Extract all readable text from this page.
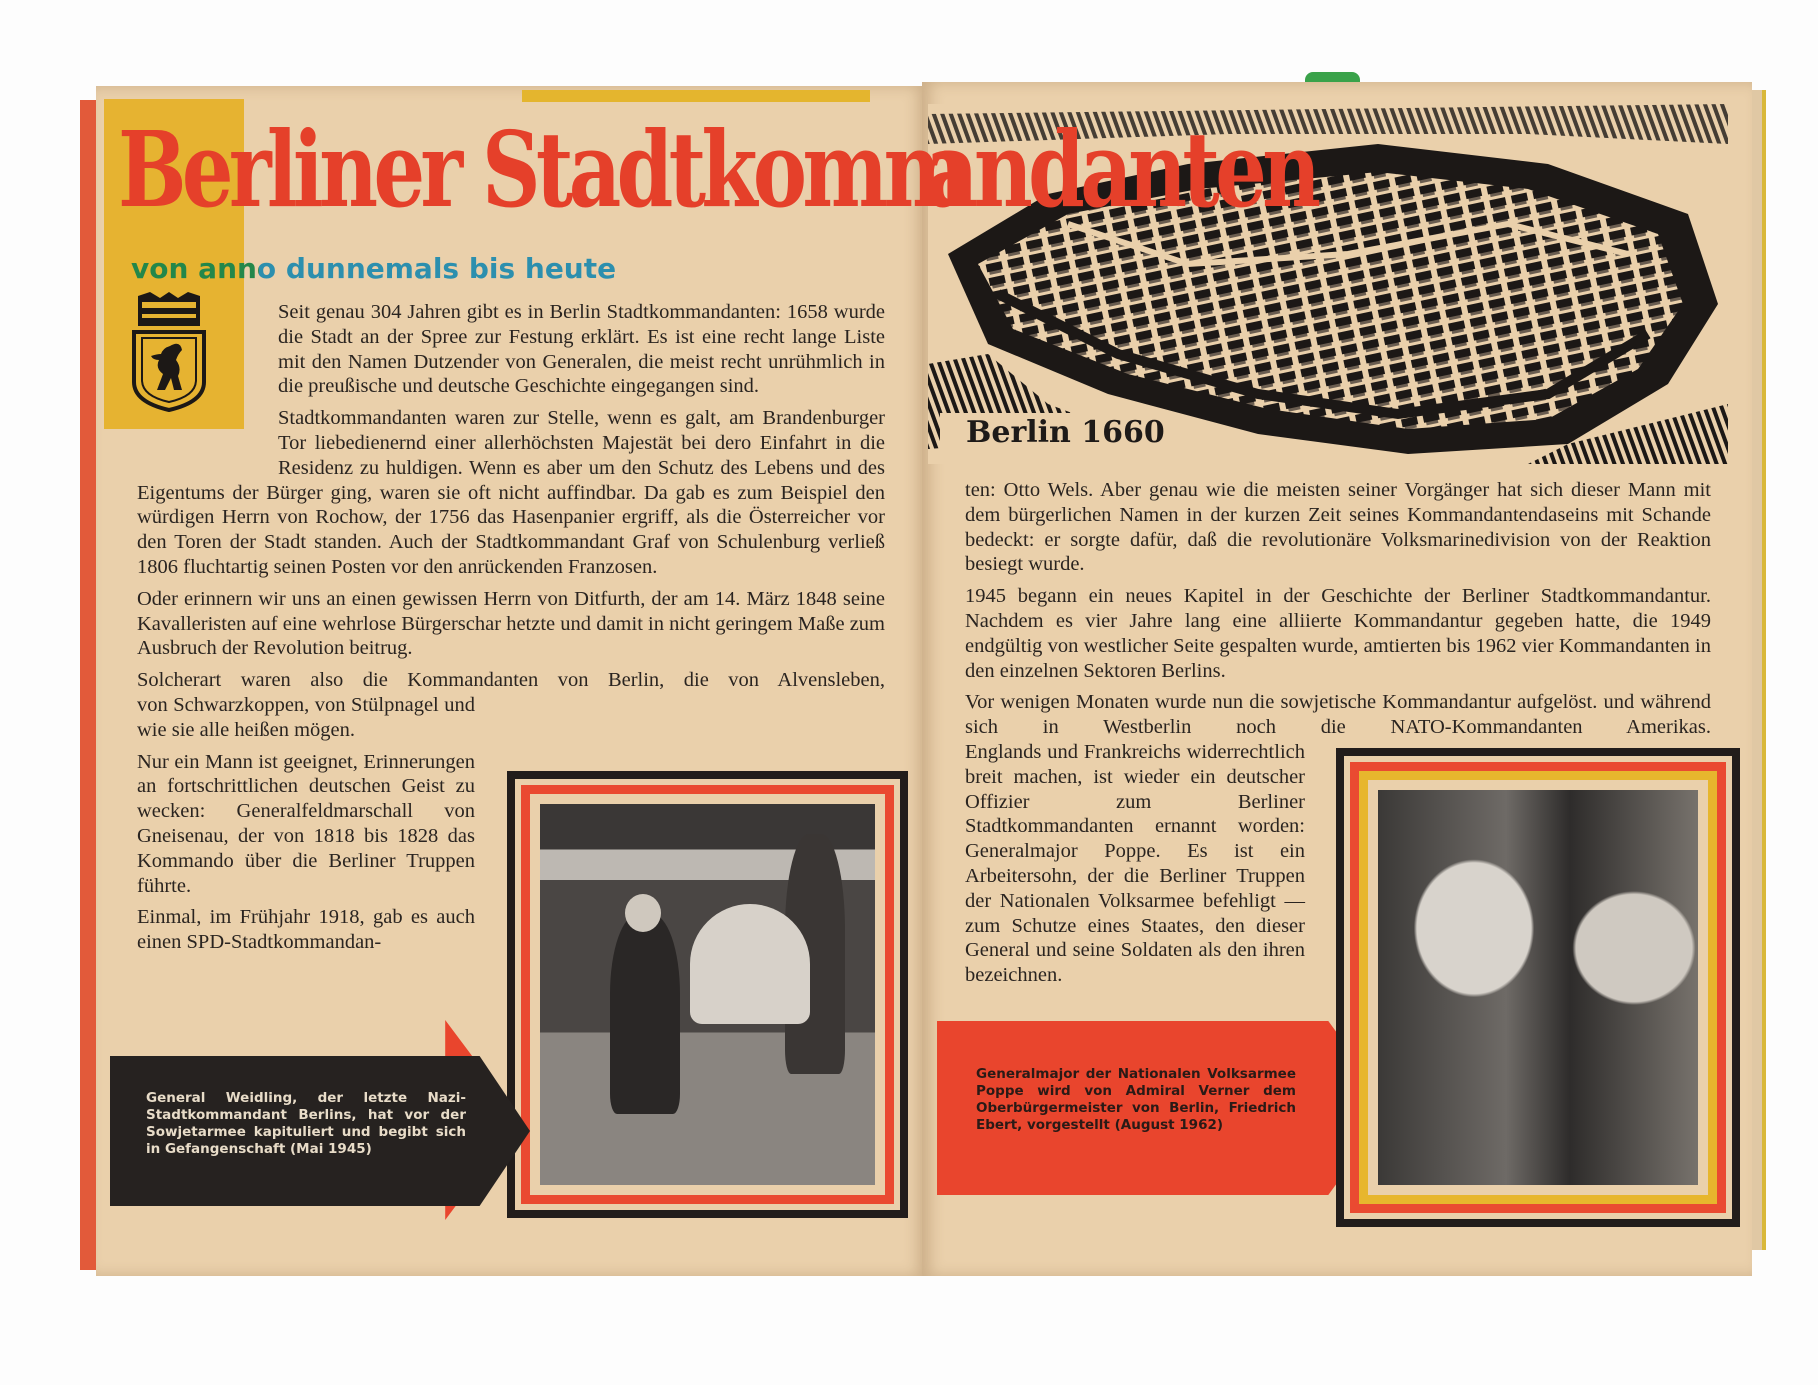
Berliner Stadtkomm
andanten
von anno dunnemals bis heute

Seit genau 304 Jahren gibt es in Berlin Stadtkommandanten: 1658 wurde die Stadt an der Spree zur Festung erklärt. Es ist eine recht lange Liste mit den Namen Dutzender von Generalen, die meist recht unrühmlich in die preußische und deutsche Geschichte eingegangen sind.

Stadtkommandanten waren zur Stelle, wenn es galt, am Brandenburger Tor liebedienernd einer allerhöchsten Majestät bei dero Einfahrt in die Residenz zu huldigen. Wenn es aber um den Schutz des Lebens und des Eigentums der Bürger ging, waren sie oft nicht auffindbar. Da gab es zum Beispiel den würdigen Herrn von Rochow, der 1756 das Hasenpanier ergriff, als die Österreicher vor den Toren der Stadt standen. Auch der Stadtkommandant Graf von Schulenburg verließ 1806 fluchtartig seinen Posten vor den anrückenden Franzosen.

Oder erinnern wir uns an einen gewissen Herrn von Ditfurth, der am 14. März 1848 seine Kavalleristen auf eine wehrlose Bürgerschar hetzte und damit in nicht geringem Maße zum Ausbruch der Revolution beitrug.

Solcherart waren also die Kommandanten von Berlin, die von Alvensleben,

von Schwarzkoppen, von Stülpnagel und wie sie alle heißen mögen.

Nur ein Mann ist geeignet, Erinnerungen an fortschrittlichen deutschen Geist zu wecken: Generalfeldmarschall von Gneisenau, der von 1818 bis 1828 das Kommando über die Berliner Truppen führte.

Einmal, im Frühjahr 1918, gab es auch einen SPD-Stadtkommandan-

General Weidling, der letzte Nazi-Stadtkommandant Berlins, hat vor der Sowjetarmee kapituliert und begibt sich in Gefangenschaft (Mai 1945)
Berlin 1660

ten: Otto Wels. Aber genau wie die meisten seiner Vorgänger hat sich dieser Mann mit dem bürgerlichen Namen in der kurzen Zeit seines Kommandantendaseins mit Schande bedeckt: er sorgte dafür, daß die revolutionäre Volksmarinedivision von der Reaktion besiegt wurde.

1945 begann ein neues Kapitel in der Geschichte der Berliner Stadtkommandantur. Nachdem es vier Jahre lang eine alliierte Kommandantur gegeben hatte, die 1949 endgültig von westlicher Seite gespalten wurde, amtierten bis 1962 vier Kommandanten in den einzelnen Sektoren Berlins.

Vor wenigen Monaten wurde nun die sowjetische Kommandantur aufgelöst. und während sich in Westberlin noch die NATO-Kommandanten Amerikas.

Englands und Frankreichs widerrechtlich breit machen, ist wieder ein deutscher Offizier zum Berliner Stadtkommandanten ernannt worden: Generalmajor Poppe. Es ist ein Arbeitersohn, der die Berliner Truppen der Nationalen Volksarmee befehligt — zum Schutze eines Staates, den dieser General und seine Soldaten als den ihren bezeichnen.

Generalmajor der Nationalen Volksarmee Poppe wird von Admiral Verner dem Oberbürgermeister von Berlin, Friedrich Ebert, vorgestellt (August 1962)
